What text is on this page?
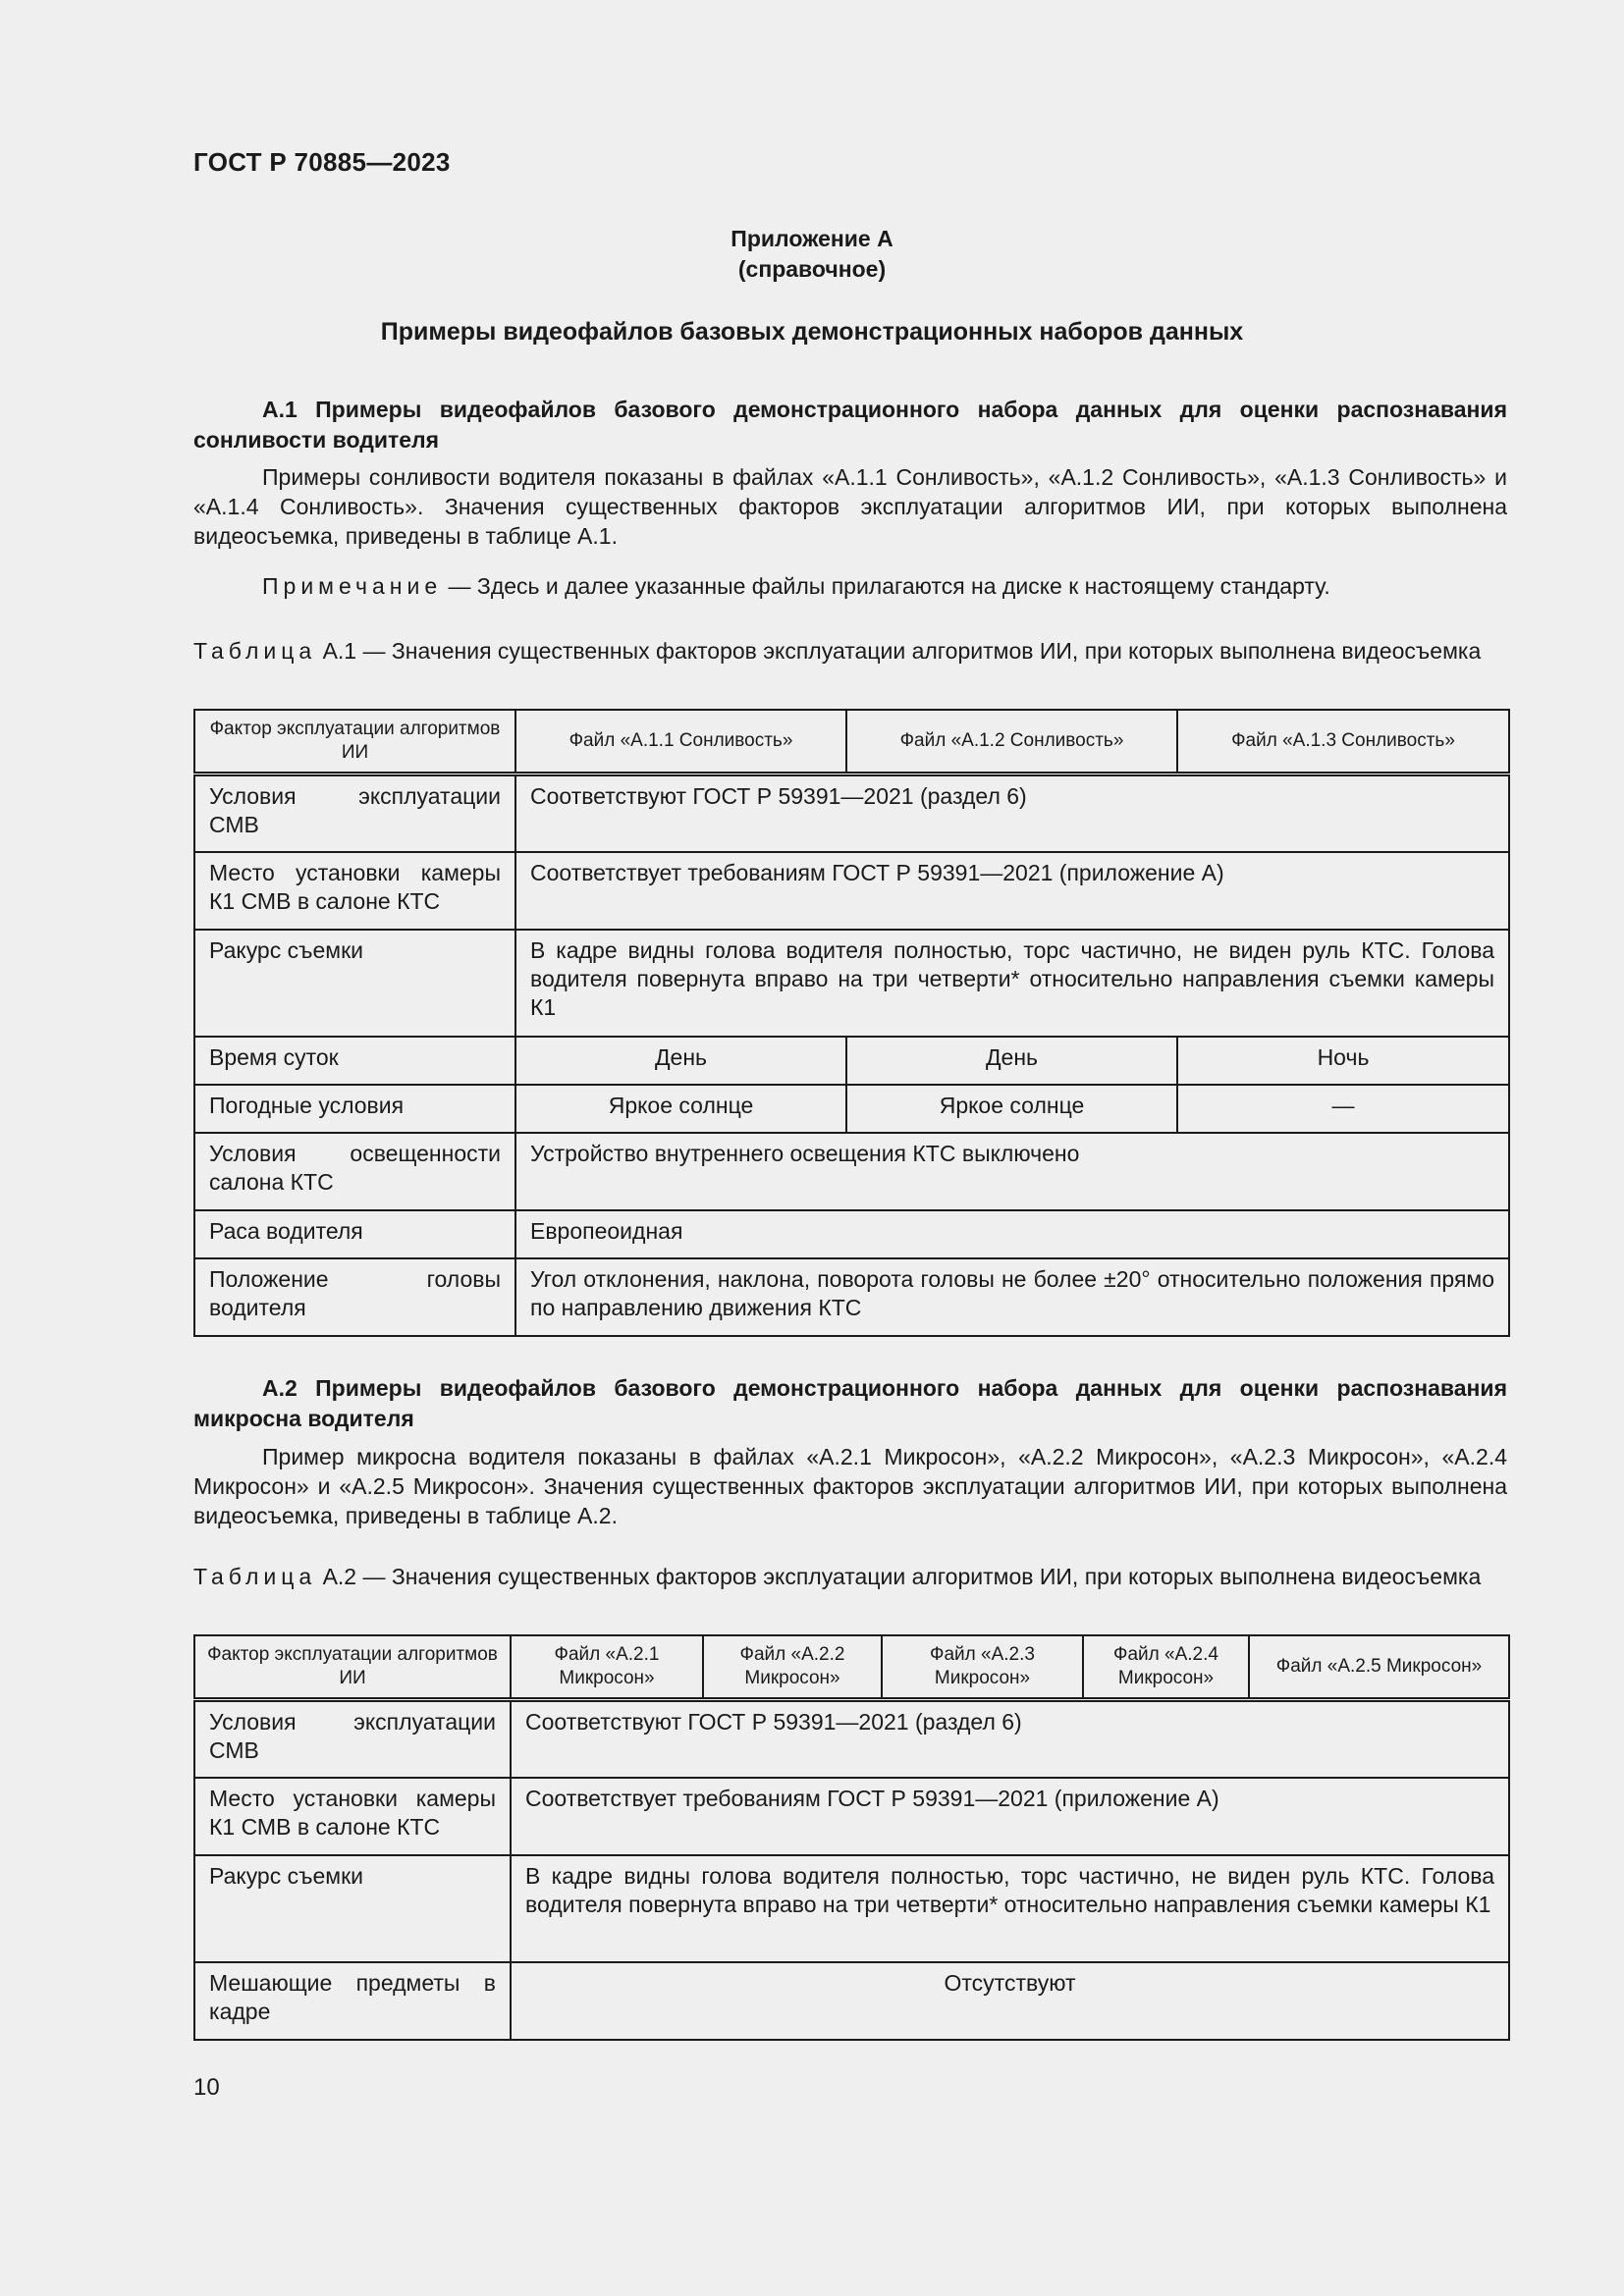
ГОСТ Р 70885—2023
Приложение А
(справочное)
Примеры видеофайлов базовых демонстрационных наборов данных
А.1 Примеры видеофайлов базового демонстрационного набора данных для оценки распознавания сонливости водителя
Примеры сонливости водителя показаны в файлах «А.1.1 Сонливость», «А.1.2 Сонливость», «А.1.3 Сонливость» и «А.1.4 Сонливость». Значения существенных факторов эксплуатации алгоритмов ИИ, при которых выполнена видеосъемка, приведены в таблице А.1.
Примечание — Здесь и далее указанные файлы прилагаются на диске к настоящему стандарту.
Таблица А.1 — Значения существенных факторов эксплуатации алгоритмов ИИ, при которых выполнена видеосъемка
Фактор эксплуатации алгоритмов ИИ	Файл «А.1.1 Сонливость»	Файл «А.1.2 Сонливость»	Файл «А.1.3 Сонливость»
Условия эксплуатации СМВ	Соответствуют ГОСТ Р 59391—2021 (раздел 6)		
Место установки камеры К1 СМВ в салоне КТС	Соответствует требованиям ГОСТ Р 59391—2021 (приложение А)		
Ракурс съемки	В кадре видны голова водителя полностью, торс частично, не виден руль КТС. Голова водителя повернута вправо на три четверти* относительно направления съемки камеры К1		
Время суток	День	День	Ночь
Погодные условия	Яркое солнце	Яркое солнце	—
Условия освещенности салона КТС	Устройство внутреннего освещения КТС выключено		
Раса водителя	Европеоидная		
Положение головы водителя	Угол отклонения, наклона, поворота головы не более ±20° относительно положения прямо по направлению движения КТС		
А.2 Примеры видеофайлов базового демонстрационного набора данных для оценки распознавания микросна водителя
Пример микросна водителя показаны в файлах «А.2.1 Микросон», «А.2.2 Микросон», «А.2.3 Микросон», «А.2.4 Микросон» и «А.2.5 Микросон». Значения существенных факторов эксплуатации алгоритмов ИИ, при которых выполнена видеосъемка, приведены в таблице А.2.
Таблица А.2 — Значения существенных факторов эксплуатации алгоритмов ИИ, при которых выполнена видеосъемка
Фактор эксплуатации алгоритмов ИИ	Файл «А.2.1 Микросон»	Файл «А.2.2 Микросон»	Файл «А.2.3 Микросон»	Файл «А.2.4 Микросон»	Файл «А.2.5 Микросон»
Условия эксплуатации СМВ	Соответствуют ГОСТ Р 59391—2021 (раздел 6)				
Место установки камеры К1 СМВ в салоне КТС	Соответствует требованиям ГОСТ Р 59391—2021 (приложение А)				
Ракурс съемки	В кадре видны голова водителя полностью, торс частично, не виден руль КТС. Голова водителя повернута вправо на три четверти* относительно направления съемки камеры К1				
Мешающие предметы в кадре	Отсутствуют				
10
